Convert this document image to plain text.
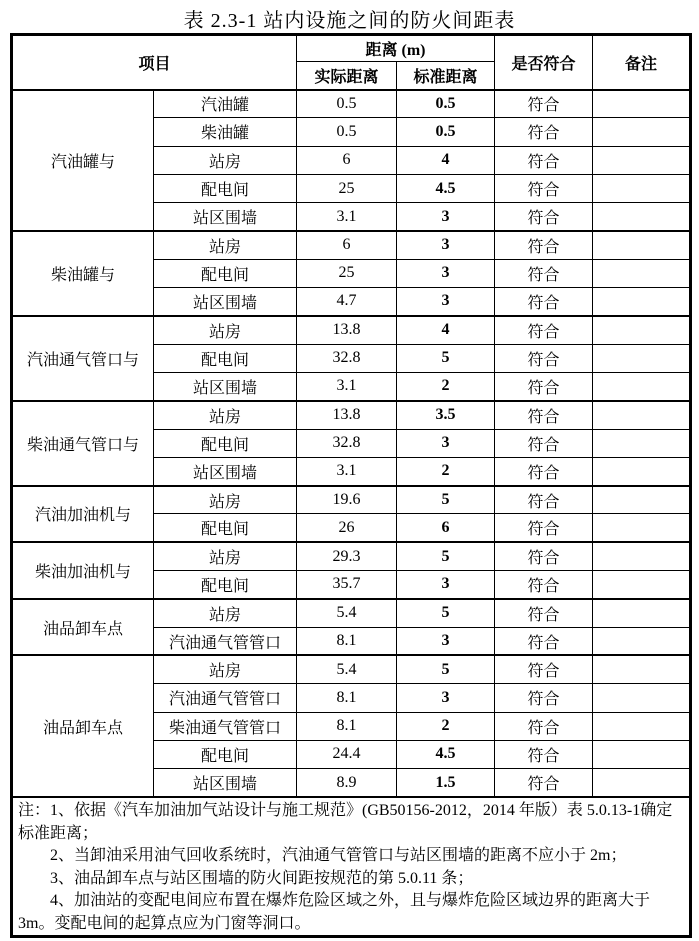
表 2.3-1 站内设施之间的防火间距表
项目		距离 (m)		是否符合	备注
		实际距离	标准距离		
汽油罐与	汽油罐	0.5	0.5	符合	
	柴油罐	0.5	0.5	符合	
	站房	6	4	符合	
	配电间	25	4.5	符合	
	站区围墙	3.1	3	符合	
柴油罐与	站房	6	3	符合	
	配电间	25	3	符合	
	站区围墙	4.7	3	符合	
汽油通气管口与	站房	13.8	4	符合	
	配电间	32.8	5	符合	
	站区围墙	3.1	2	符合	
柴油通气管口与	站房	13.8	3.5	符合	
	配电间	32.8	3	符合	
	站区围墙	3.1	2	符合	
汽油加油机与	站房	19.6	5	符合	
	配电间	26	6	符合	
柴油加油机与	站房	29.3	5	符合	
	配电间	35.7	3	符合	
油品卸车点	站房	5.4	5	符合	
	汽油通气管管口	8.1	3	符合	
油品卸车点	站房	5.4	5	符合	
	汽油通气管管口	8.1	3	符合	
	柴油通气管管口	8.1	2	符合	
	配电间	24.4	4.5	符合	
	站区围墙	8.9	1.5	符合	

注：1、依据《汽车加油加气站设计与施工规范》(GB50156-2012，2014 年版）表 5.0.13-1确定标准距离；

2、当卸油采用油气回收系统时，汽油通气管管口与站区围墙的距离不应小于 2m；

3、油品卸车点与站区围墙的防火间距按规范的第 5.0.11 条；

4、加油站的变配电间应布置在爆炸危险区域之外，且与爆炸危险区域边界的距离大于 3m。变配电间的起算点应为门窗等洞口。					
